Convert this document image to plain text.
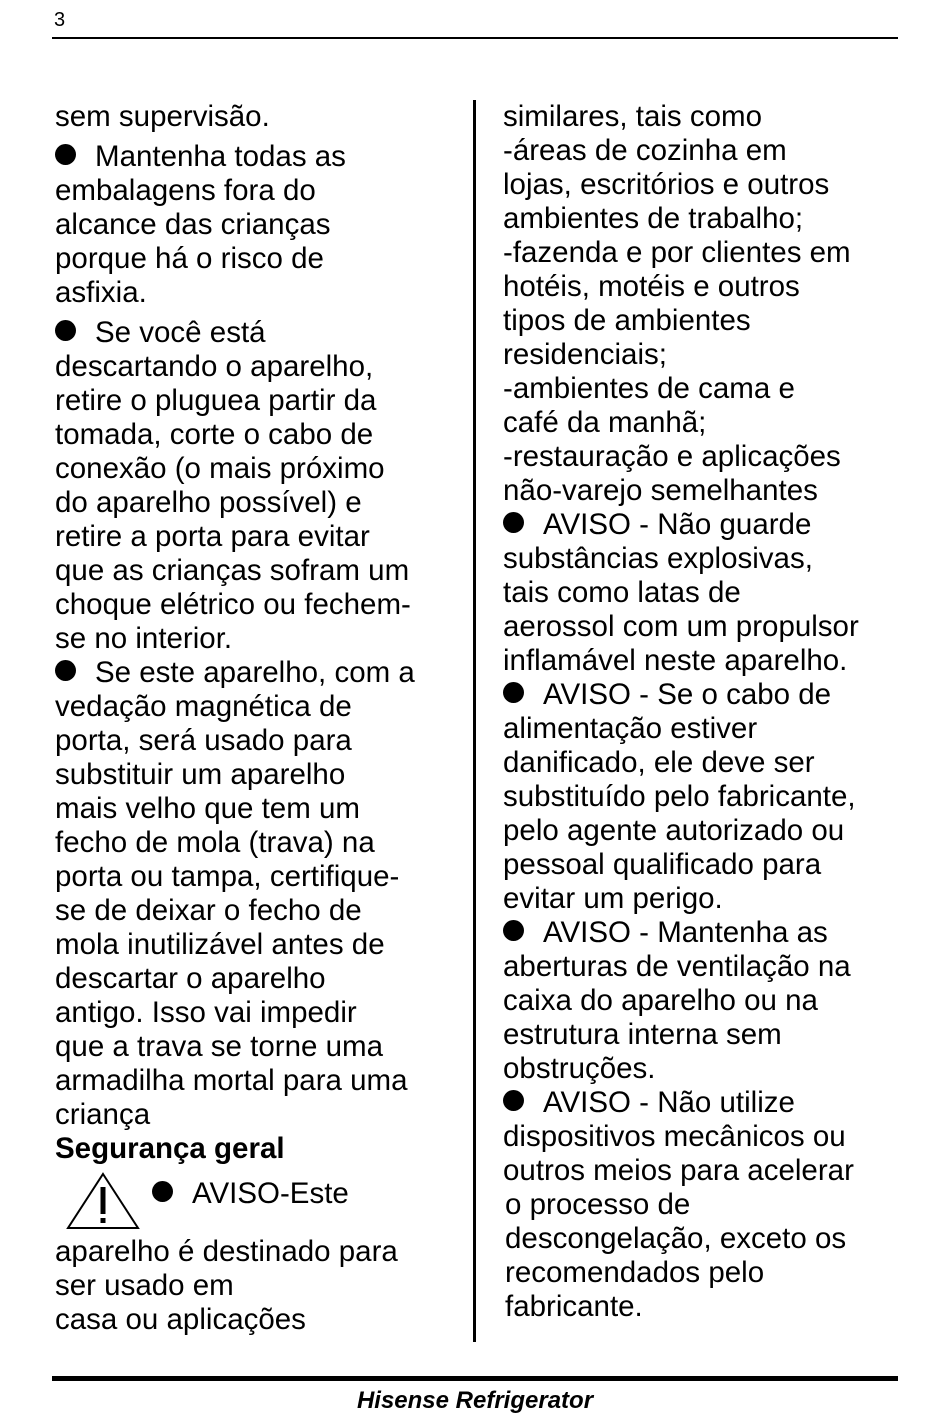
3
sem supervisão.
Mantenha todas as
embalagens fora do
alcance das crianças
porque há o risco de
asfixia.
Se você está
descartando o aparelho,
retire o pluguea partir da
tomada, corte o cabo de
conexão (o mais próximo
do aparelho possível) e
retire a porta para evitar
que as crianças sofram um
choque elétrico ou fechem-
se no interior.
Se este aparelho, com a
vedação magnética de
porta, será usado para
substituir um aparelho
mais velho que tem um
fecho de mola (trava) na
porta ou tampa, certifique-
se de deixar o fecho de
mola inutilizável antes de
descartar o aparelho
antigo. Isso vai impedir
que a trava se torne uma
armadilha mortal para uma
criança
Segurança geral
AVISO-Este
aparelho é destinado para
ser usado em
casa ou aplicações
similares, tais como
-áreas de cozinha em
lojas, escritórios e outros
ambientes de trabalho;
-fazenda e por clientes em
hotéis, motéis e outros
tipos de ambientes
residenciais;
-ambientes de cama e
café da manhã;
-restauração e aplicações
não-varejo semelhantes
AVISO - Não guarde
substâncias explosivas,
tais como latas de
aerossol com um propulsor
inflamável neste aparelho.
AVISO - Se o cabo de
alimentação estiver
danificado, ele deve ser
substituído pelo fabricante,
pelo agente autorizado ou
pessoal qualificado para
evitar um perigo.
AVISO - Mantenha as
aberturas de ventilação na
caixa do aparelho ou na
estrutura interna sem
obstruções.
AVISO - Não utilize
dispositivos mecânicos ou
outros meios para acelerar
o processo de
descongelação, exceto os
recomendados pelo
fabricante.
Hisense Refrigerator
